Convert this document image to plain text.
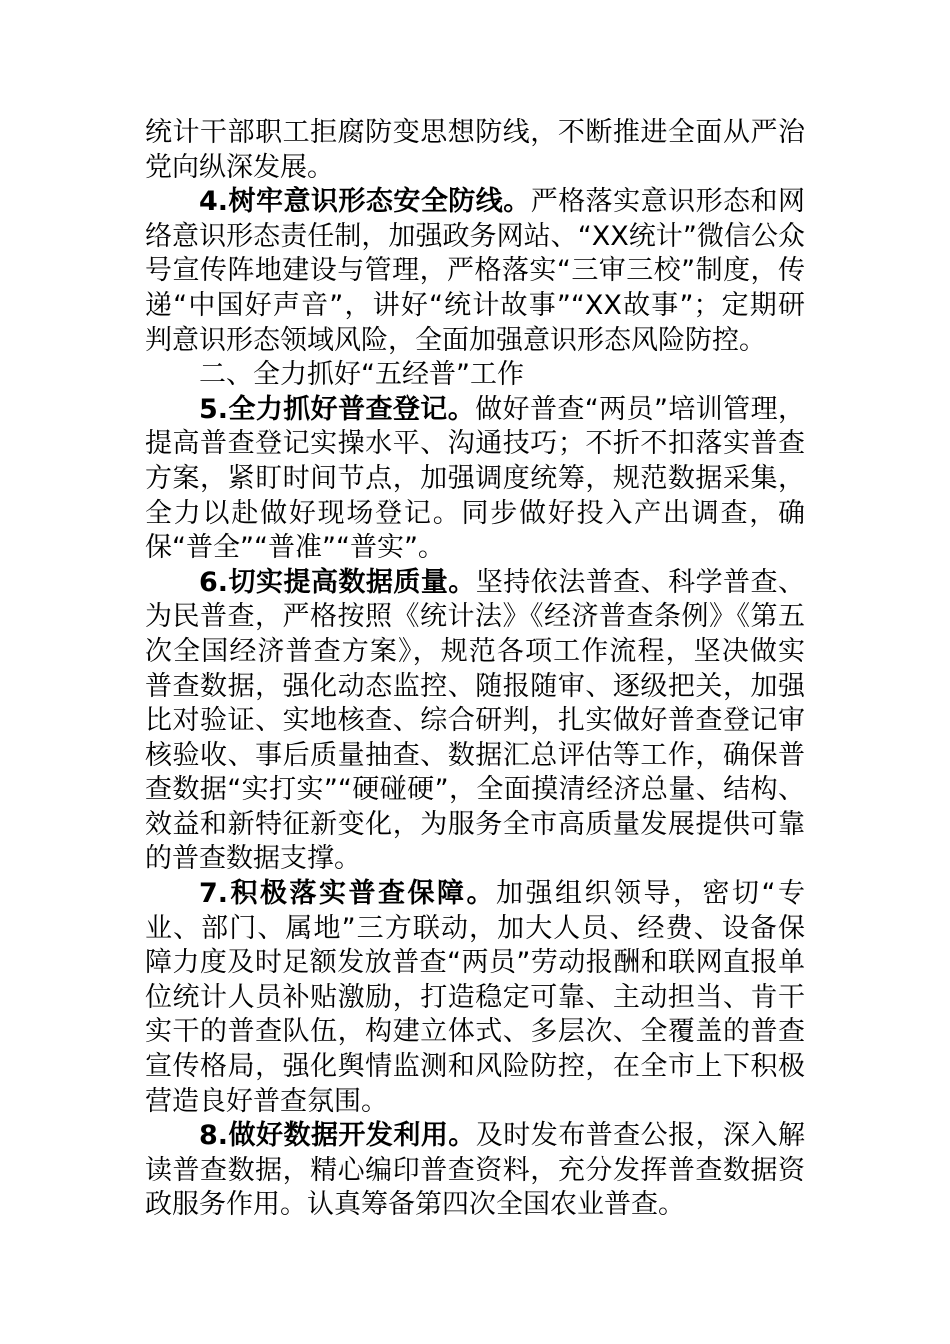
统计干部职工拒腐防变思想防线，不断推进全面从严治党向纵深发展。

4.树牢意识形态安全防线。严格落实意识形态和网络意识形态责任制，加强政务网站、“XX统计”微信公众号宣传阵地建设与管理，严格落实“三审三校”制度，传递“中国好声音”，讲好“统计故事”“XX故事”；定期研判意识形态领域风险，全面加强意识形态风险防控。

二、全力抓好“五经普”工作

5.全力抓好普查登记。做好普查“两员”培训管理，提高普查登记实操水平、沟通技巧；不折不扣落实普查方案，紧盯时间节点，加强调度统筹，规范数据采集，全力以赴做好现场登记。同步做好投入产出调查，确保“普全”“普准”“普实”。

6.切实提高数据质量。坚持依法普查、科学普查、为民普查，严格按照《统计法》《经济普查条例》《第五次全国经济普查方案》，规范各项工作流程，坚决做实普查数据，强化动态监控、随报随审、逐级把关，加强比对验证、实地核查、综合研判，扎实做好普查登记审核验收、事后质量抽查、数据汇总评估等工作，确保普查数据“实打实”“硬碰硬”，全面摸清经济总量、结构、效益和新特征新变化，为服务全市高质量发展提供可靠的普查数据支撑。

7.积极落实普查保障。加强组织领导，密切“专业、部门、属地”三方联动，加大人员、经费、设备保障力度及时足额发放普查“两员”劳动报酬和联网直报单位统计人员补贴激励，打造稳定可靠、主动担当、肯干实干的普查队伍，构建立体式、多层次、全覆盖的普查宣传格局，强化舆情监测和风险防控，在全市上下积极营造良好普查氛围。

8.做好数据开发利用。及时发布普查公报，深入解读普查数据，精心编印普查资料，充分发挥普查数据资政服务作用。认真筹备第四次全国农业普查。
